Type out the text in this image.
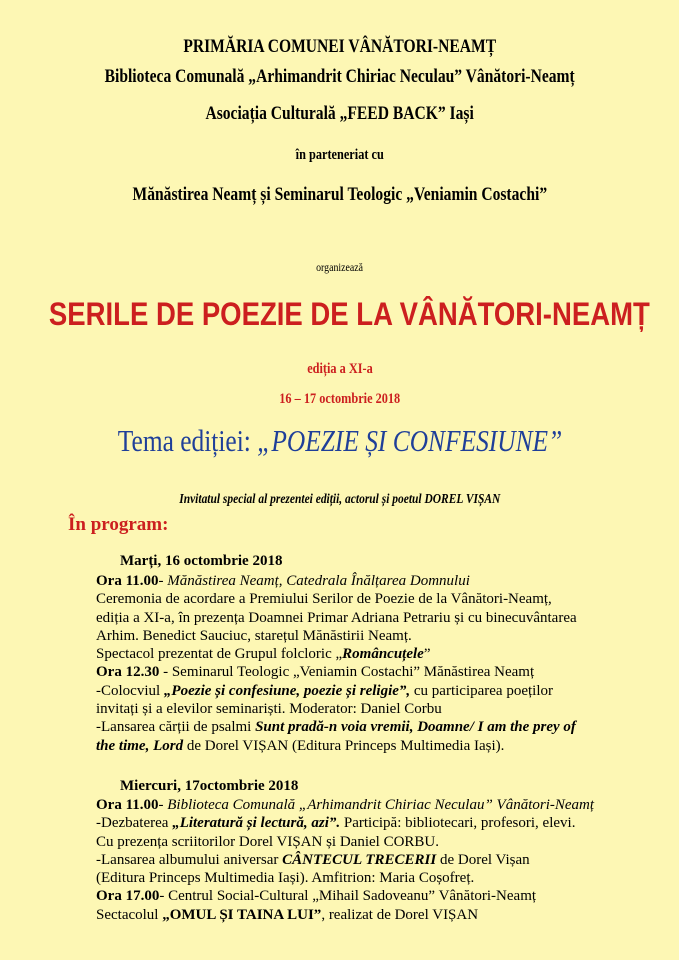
PRIMĂRIA COMUNEI VÂNĂTORI-NEAMȚ
Biblioteca Comunală „Arhimandrit Chiriac Neculau” Vânători-Neamț
Asociația Culturală „FEED BACK” Iași
în parteneriat cu
Mănăstirea Neamț și Seminarul Teologic „Veniamin Costachi”
organizează
SERILE DE POEZIE DE LA VÂNĂTORI-NEAMȚ
ediția a XI-a
16 – 17 octombrie 2018
Tema ediției: „POEZIE ȘI CONFESIUNE”
Invitatul special al prezentei ediții, actorul și poetul DOREL VIȘAN
În program:
Marți, 16 octombrie 2018
Ora 11.00- Mănăstirea Neamț, Catedrala Înălțarea Domnului
Ceremonia de acordare a Premiului Serilor de Poezie de la Vânători-Neamț,
ediția a XI-a, în prezența Doamnei Primar Adriana Petrariu și cu binecuvântarea
Arhim. Benedict Sauciuc, starețul Mănăstirii Neamț.
Spectacol prezentat de Grupul folcloric „Româncuțele”
Ora 12.30 - Seminarul Teologic „Veniamin Costachi” Mănăstirea Neamț
-Colocviul „Poezie și confesiune, poezie și religie”, cu participarea poeților
invitați și a elevilor seminariști. Moderator: Daniel Corbu
-Lansarea cărții de psalmi Sunt pradă-n voia vremii, Doamne/ I am the prey of
the time, Lord de Dorel VIȘAN (Editura Princeps Multimedia Iași).
Miercuri, 17octombrie 2018
Ora 11.00- Biblioteca Comunală „Arhimandrit Chiriac Neculau” Vânători-Neamț
-Dezbaterea „Literatură și lectură, azi”. Participă: bibliotecari, profesori, elevi.
Cu prezența scriitorilor Dorel VIȘAN și Daniel CORBU.
-Lansarea albumului aniversar CÂNTECUL TRECERII de Dorel Vișan
(Editura Princeps Multimedia Iași). Amfitrion: Maria Coșofreț.
Ora 17.00- Centrul Social-Cultural „Mihail Sadoveanu” Vânători-Neamț
Sectacolul „OMUL ȘI TAINA LUI”, realizat de Dorel VIȘAN
